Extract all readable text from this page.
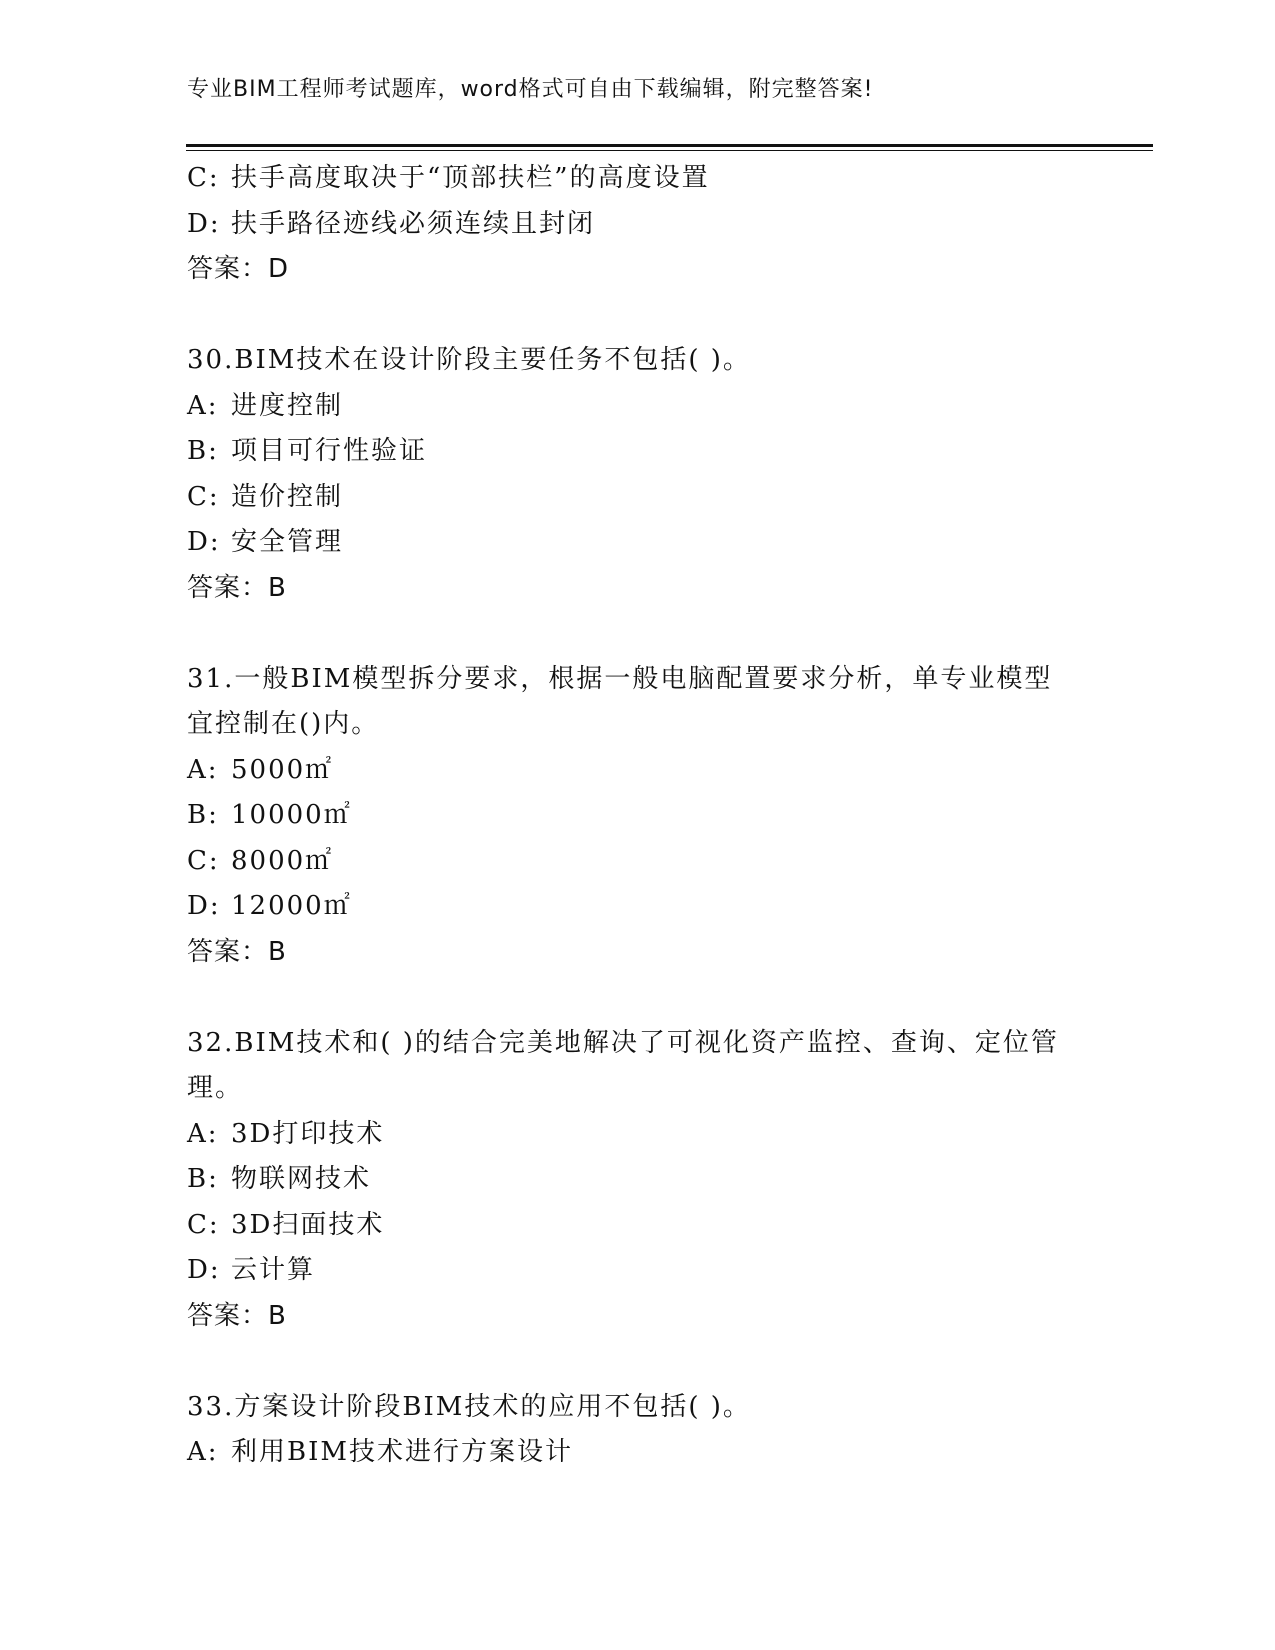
专业BIM工程师考试题库，word格式可自由下载编辑，附完整答案!
C: 扶手高度取决于“顶部扶栏”的高度设置
D: 扶手路径迹线必须连续且封闭
答案：D
30.BIM技术在设计阶段主要任务不包括( )。
A: 进度控制
B: 项目可行性验证
C: 造价控制
D: 安全管理
答案：B
31.一般BIM模型拆分要求，根据一般电脑配置要求分析，单专业模型
宜控制在()内。
A: 5000㎡
B: 10000㎡
C: 8000㎡
D: 12000㎡
答案：B
32.BIM技术和( )的结合完美地解决了可视化资产监控、查询、定位管
理。
A: 3D打印技术
B: 物联网技术
C: 3D扫面技术
D: 云计算
答案：B
33.方案设计阶段BIM技术的应用不包括( )。
A: 利用BIM技术进行方案设计
